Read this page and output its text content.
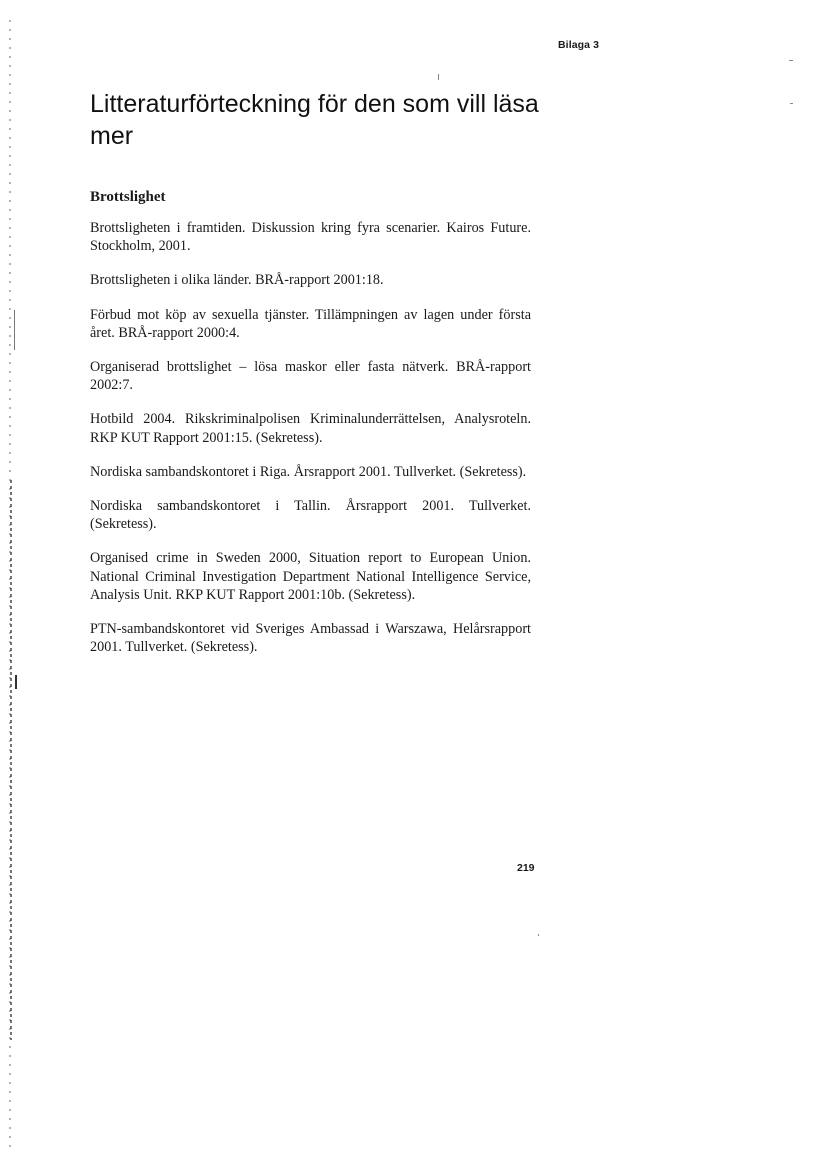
Bilaga 3
Litteraturförteckning för den som vill läsa mer
Brottslighet
Brottsligheten i framtiden. Diskussion kring fyra scenarier. Kairos Future. Stockholm, 2001.
Brottsligheten i olika länder. BRÅ-rapport 2001:18.
Förbud mot köp av sexuella tjänster. Tillämpningen av lagen under första året. BRÅ-rapport 2000:4.
Organiserad brottslighet – lösa maskor eller fasta nätverk. BRÅ-rapport 2002:7.
Hotbild 2004. Rikskriminalpolisen Kriminalunderrättelsen, Analysroteln. RKP KUT Rapport 2001:15. (Sekretess).
Nordiska sambandskontoret i Riga. Årsrapport 2001. Tullverket. (Sekretess).
Nordiska sambandskontoret i Tallin. Årsrapport 2001. Tullverket. (Sekretess).
Organised crime in Sweden 2000, Situation report to European Union. National Criminal Investigation Department National Intelligence Service, Analysis Unit. RKP KUT Rapport 2001:10b. (Sekretess).
PTN-sambandskontoret vid Sveriges Ambassad i Warszawa, Helårsrapport 2001. Tullverket. (Sekretess).
219
